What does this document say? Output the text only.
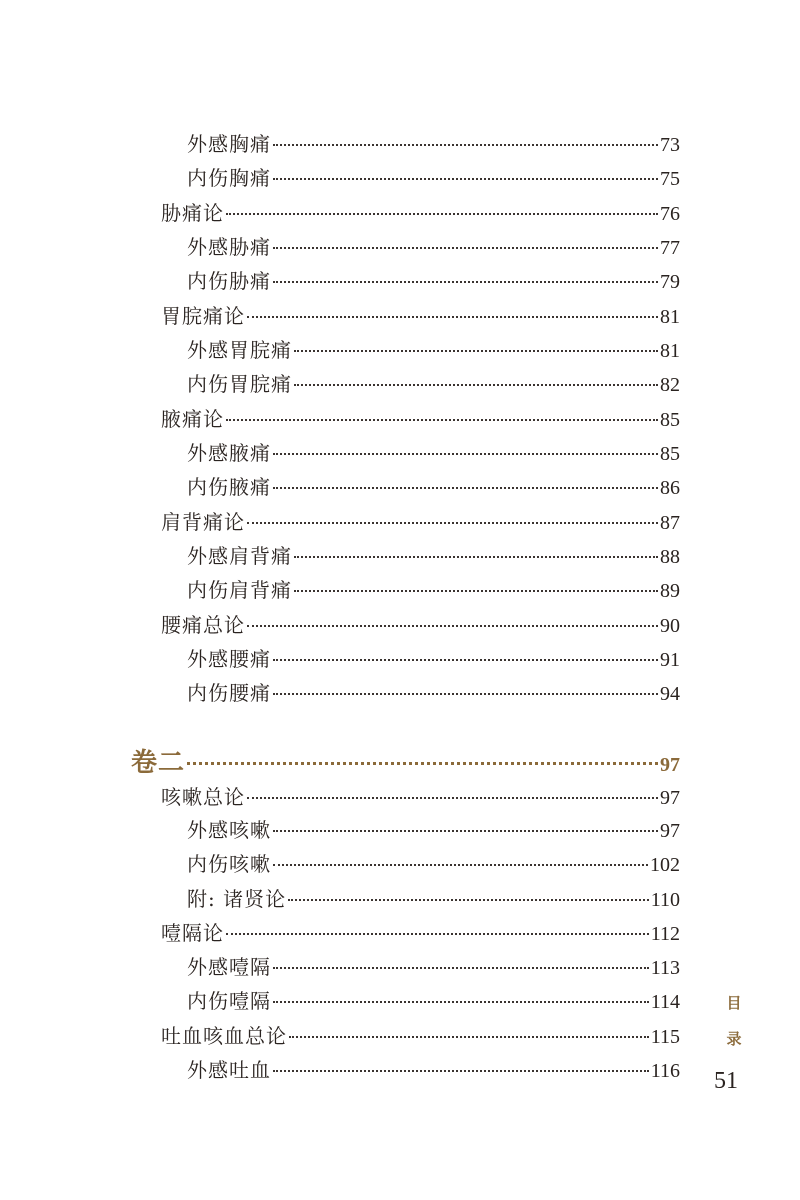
外感胸痛	73
内伤胸痛	75
胁痛论	76
外感胁痛	77
内伤胁痛	79
胃脘痛论	81
外感胃脘痛	81
内伤胃脘痛	82
腋痛论	85
外感腋痛	85
内伤腋痛	86
肩背痛论	87
外感肩背痛	88
内伤肩背痛	89
腰痛总论	90
外感腰痛	91
内伤腰痛	94
卷二	97
咳嗽总论	97
外感咳嗽	97
内伤咳嗽	102
附: 诸贤论	110
噎隔论	112
外感噎隔	113
内伤噎隔	114
吐血咳血总论	115
外感吐血	116
目
录
51
